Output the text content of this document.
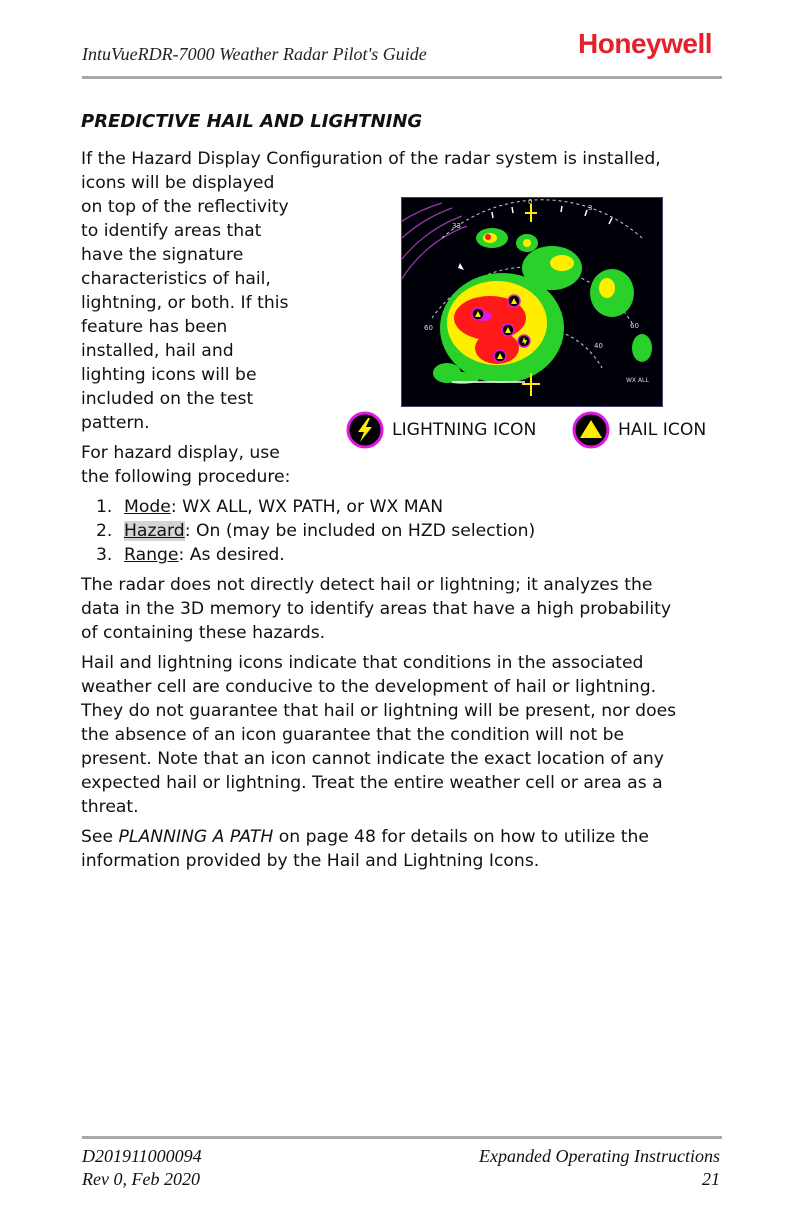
IntuVueRDR-7000 Weather Radar Pilot's Guide	Honeywell
PREDICTIVE HAIL AND LIGHTNING
If the Hazard Display Configuration of the radar system is installed,
icons will be displayed
on top of the reflectivity
to identify areas that
have the signature
characteristics of hail,
lightning, or both. If this
feature has been
installed, hail and
lighting icons will be
included on the test
pattern.
For hazard display, use
the following procedure:
1. Mode: WX ALL, WX PATH, or WX MAN
2. Hazard: On (may be included on HZD selection)
3. Range: As desired.
The radar does not directly detect hail or lightning; it analyzes the
data in the 3D memory to identify areas that have a high probability
of containing these hazards.
Hail and lightning icons indicate that conditions in the associated
weather cell are conducive to the development of hail or lightning.
They do not guarantee that hail or lightning will be present, nor does
the absence of an icon guarantee that the condition will not be
present. Note that an icon cannot indicate the exact location of any
expected hail or lightning. Treat the entire weather cell or area as a
threat.
See PLANNING A PATH on page 48 for details on how to utilize the
information provided by the Hail and Lightning Icons.
33
0
3
60	60
40
WX ALL
LIGHTNING ICON	HAIL ICON
D201911000094
Rev 0, Feb 2020
Expanded Operating Instructions
21
